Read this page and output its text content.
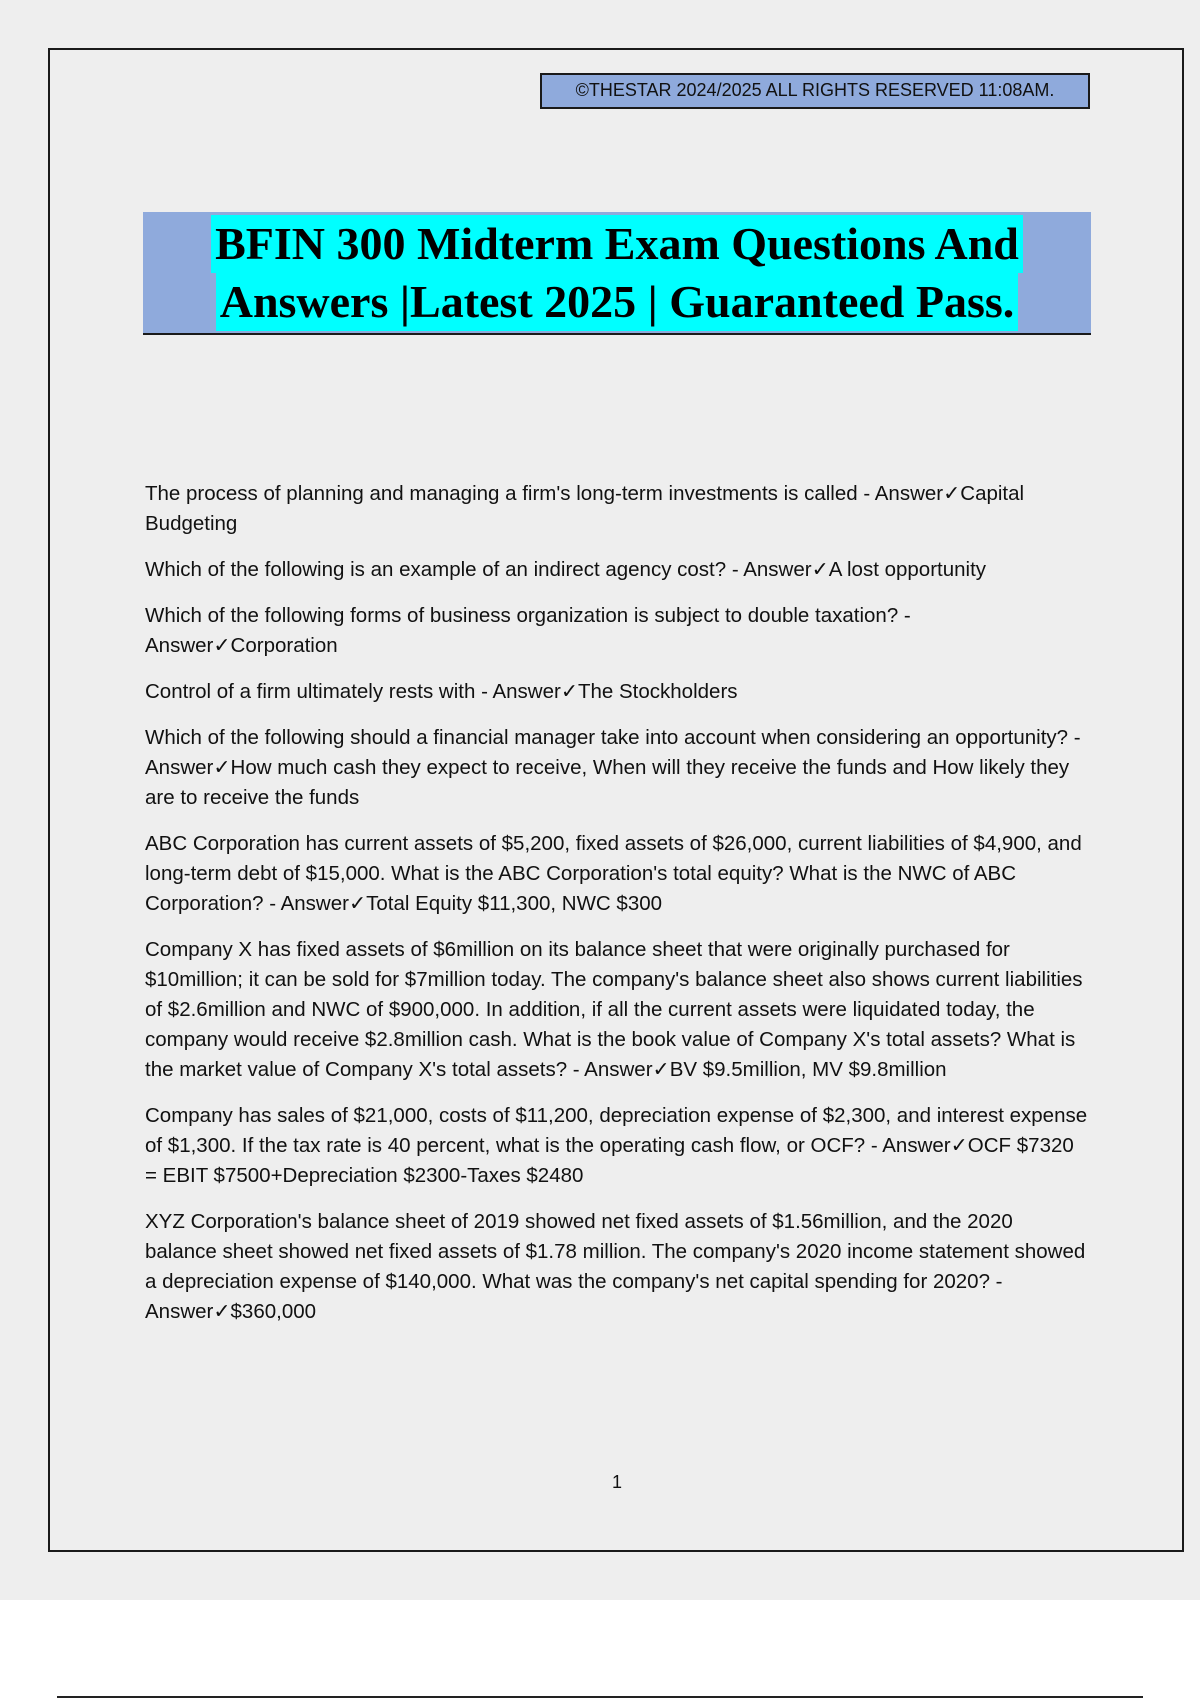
©THESTAR 2024/2025 ALL RIGHTS RESERVED 11:08AM.
BFIN 300 Midterm Exam Questions And
Answers |Latest 2025 | Guaranteed Pass.
The process of planning and managing a firm's long-term investments is called - Answer✓Capital Budgeting
Which of the following is an example of an indirect agency cost? - Answer✓A lost opportunity
Which of the following forms of business organization is subject to double taxation? - Answer✓Corporation
Control of a firm ultimately rests with - Answer✓The Stockholders
Which of the following should a financial manager take into account when considering an opportunity? - Answer✓How much cash they expect to receive, When will they receive the funds and How likely they are to receive the funds
ABC Corporation has current assets of $5,200, fixed assets of $26,000, current liabilities of $4,900, and long-term debt of $15,000. What is the ABC Corporation's total equity? What is the NWC of ABC Corporation? - Answer✓Total Equity $11,300, NWC $300
Company X has fixed assets of $6million on its balance sheet that were originally purchased for $10million; it can be sold for $7million today. The company's balance sheet also shows current liabilities of $2.6million and NWC of $900,000. In addition, if all the current assets were liquidated today, the company would receive $2.8million cash. What is the book value of Company X's total assets? What is the market value of Company X's total assets? - Answer✓BV $9.5million, MV $9.8million
Company has sales of $21,000, costs of $11,200, depreciation expense of $2,300, and interest expense of $1,300. If the tax rate is 40 percent, what is the operating cash flow, or OCF? - Answer✓OCF $7320 = EBIT $7500+Depreciation $2300-Taxes $2480
XYZ Corporation's balance sheet of 2019 showed net fixed assets of $1.56million, and the 2020 balance sheet showed net fixed assets of $1.78 million. The company's 2020 income statement showed a depreciation expense of $140,000. What was the company's net capital spending for 2020? - Answer✓$360,000
1
